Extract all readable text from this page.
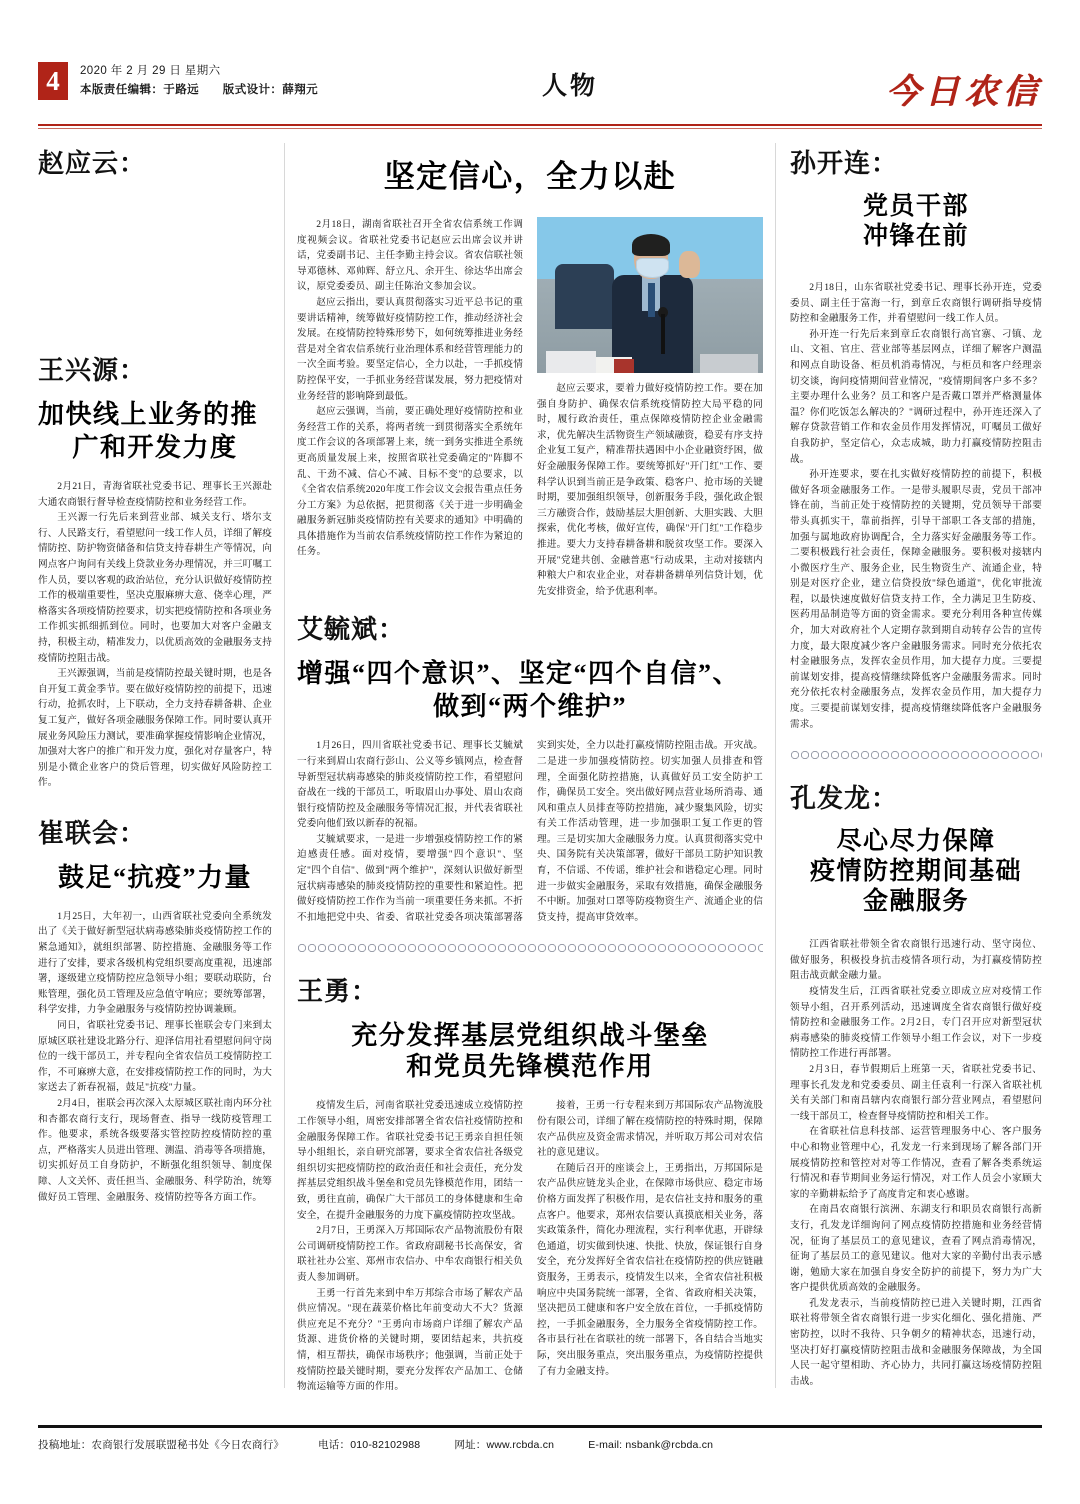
4	2020 年 2 月 29 日 星期六
本版责任编辑：于路远　　版式设计：薛翔元	人物	今日农信
赵应云：
王兴源：
加快线上业务的推
广和开发力度

2月21日，青海省联社党委书记、理事长王兴源赴大通农商银行督导检查疫情防控和业务经营工作。

王兴源一行先后来到营业部、城关支行、塔尔支行、人民路支行，看望慰问一线工作人员，详细了解疫情防控、防护物资储备和信贷支持春耕生产等情况，向网点客户询问有关线上贷款业务办理情况，并三叮嘱工作人员，要以客观的政治站位，充分认识做好疫情防控工作的极端重要性，坚决克服麻痹大意、侥幸心理，严格落实各项疫情防控要求，切实把疫情防控和各项业务工作抓实抓细抓到位。同时，也要加大对客户金融支持，积极主动，精准发力，以优质高效的金融服务支持疫情防控阻击战。

王兴源强调，当前是疫情防控最关键时期，也是各自开复工黄金季节。要在做好疫情防控的前提下，迅速行动，抢抓农时，上下联动，全力支持春耕备耕、企业复工复产，做好各项金融服务保障工作。同时要认真开展业务风险压力测试，要准确掌握疫情影响企业情况，加强对大客户的推广和开发力度，强化对存量客户，特别是小微企业客户的贷后管理，切实做好风险防控工作。

崔联会：
鼓足“抗疫”力量

1月25日，大年初一，山西省联社党委向全系统发出了《关于做好新型冠状病毒感染肺炎疫情防控工作的紧急通知》，就组织部署、防控措施、金融服务等工作进行了安排，要求各级机构党组织要高度重视，迅速部署，逐级建立疫情防控应急领导小组；要联动联防，台账管理，强化员工管理及应急值守响应；要统筹部署，科学安排，力争金融服务与疫情防控协调兼顾。

同日，省联社党委书记、理事长崔联会专门来到太原城区联社建设北路分行、迎泽信用社看望慰问问守岗位的一线干部员工，并专程向全省农信员工疫情防控工作，不可麻痹大意，在安排疫情防控工作的同时，为大家送去了新春祝福，鼓足"抗疫"力量。

2月4日，崔联会再次深入太原城区联社南内环分社和杏都农商行支行，现场督查、指导一线防疫管理工作。他要求，系统各级要落实管控防控疫情防控的重点，严格落实人员进出管理、测温、消毒等各项措施，切实抓好员工自身防护，不断强化组织领导、制度保障、人文关怀、责任担当、金融服务、科学防治，统筹做好员工管理、金融服务、疫情防控等各方面工作。

坚定信心，全力以赴

2月18日，湖南省联社召开全省农信系统工作调度视频会议。省联社党委书记赵应云出席会议并讲话，党委副书记、主任李勤主持会议。省农信联社领导邓德林、邓帅辉、舒立凡、余开生、徐达华出席会议，原党委委员、副主任陈治文参加会议。

赵应云指出，要认真贯彻落实习近平总书记的重要讲话精神，统筹做好疫情防控工作，推动经济社会发展。在疫情防控特殊形势下，如何统筹推进业务经营是对全省农信系统行业治理体系和经营管理能力的一次全面考验。要坚定信心，全力以赴，一手抓疫情防控保平安，一手抓业务经营谋发展，努力把疫情对业务经营的影响降到最低。

赵应云强调，当前，要正确处理好疫情防控和业务经营工作的关系，将两者统一到贯彻落实全系统年度工作会议的各项部署上来，统一到务实推进全系统更高质量发展上来，按照省联社党委确定的"阵脚不乱、干劲不减、信心不减、目标不变"的总要求，以《全省农信系统2020年度工作会议文会报告重点任务分工方案》为总依据，把贯彻落《关于进一步明确金融服务新冠肺炎疫情防控有关要求的通知》中明确的具体措施作为当前农信系统疫情防控工作作为紧迫的任务。

赵应云要求，要着力做好疫情防控工作。要在加强自身防护、确保农信系统疫情防控大局平稳的同时，履行政治责任，重点保障疫情防控企业金融需求，优先解决生活物资生产领域融资，稳妥有序支持企业复工复产，精准帮扶遇困中小企业融资纾困，做好金融服务保障工作。要统筹抓好"开门红"工作、要科学认识到当前正是争政策、稳客户、抢市场的关键时期，要加强组织领导，创新服务手段，强化政企银三方融资合作，鼓励基层大胆创新、大胆实践、大胆探索，优化考核，做好宣传，确保"开门红"工作稳步推进。要大力支持春耕备耕和脱贫攻坚工作。要深入开展"党建共创、金融普惠"行动成果，主动对接辖内种粮大户和农业企业，对春耕备耕单列信贷计划，优先安排资金，给予优惠利率。

艾毓斌：
增强“四个意识”、坚定“四个自信”、
做到“两个维护”

1月26日，四川省联社党委书记、理事长艾毓斌一行来到眉山农商行彭山、公义等乡镇网点，检查督导新型冠状病毒感染的肺炎疫情防控工作，看望慰问奋战在一线的干部员工，听取眉山办事处、眉山农商银行疫情防控及金融服务等情况汇报，并代表省联社党委向他们致以新春的祝福。

艾毓斌要求，一是进一步增强疫情防控工作的紧迫感责任感。面对疫情，要增强"四个意识"、坚定"四个自信"、做到"两个维护"，深刻认识做好新型冠状病毒感染的肺炎疫情防控的重要性和紧迫性。把做好疫情防控工作作为当前一项重要任务来抓。不折不扣地把党中央、省委、省联社党委各项决策部署落实到实处，全力以赴打赢疫情防控阻击战。开灾战。二是进一步加强疫情防控。切实加强人员排查和管理，全面强化防控措施，认真做好员工安全防护工作，确保员工安全。突出做好网点营业场所消毒、通风和重点人员排查等防控措施，减少聚集风险，切实有关工作活动管理，进一步加强职工复工作更的管理。三是切实加大金融服务力度。认真贯彻落实党中央、国务院有关决策部署，做好干部员工防护知识教育，不信谣、不传谣，维护社会和谐稳定心理。同时进一步做实金融服务，采取有效措施，确保金融服务不中断。加强对口罩等防疫物资生产、流通企业的信贷支持，提高审贷效率。

王勇：
充分发挥基层党组织战斗堡垒
和党员先锋模范作用

疫情发生后，河南省联社党委迅速成立疫情防控工作领导小组，周密安排部署全省农信社疫情防控和金融服务保障工作。省联社党委书记王勇亲自担任领导小组组长，亲自研究部署，要求全省农信社各级党组织切实把疫情防控的政治责任和社会责任，充分发挥基层党组织战斗堡垒和党员先锋模范作用，团结一致，勇往直前，确保广大干部员工的身体健康和生命安全，在提升金融服务的力度下赢疫情防控攻坚战。

2月7日，王勇深入万邦国际农产品物流股份有限公司调研疫情防控工作。省政府副秘书长高保安，省联社社办公室、郑州市农信办、中牟农商银行相关负责人参加调研。

王勇一行首先来到中牟万邦综合市场了解农产品供应情况。"现在蔬菜价格比年前变动大不大？货源供应充足不充分？"王勇向市场商户详细了解农产品货源、进货价格的关键时期，要团结起来，共抗疫情，相互帮扶，确保市场秩序；他强调，当前正处于疫情防控最关键时期，要充分发挥农产品加工、仓储物流运输等方面的作用。

接着，王勇一行专程来到万邦国际农产品物流股份有限公司，详细了解在疫情防控的特殊时期，保障农产品供应及资金需求情况，并听取万邦公司对农信社的意见建议。

在随后召开的座谈会上，王勇指出，万邦国际是农产品供应链龙头企业，在保障市场供应、稳定市场价格方面发挥了积极作用，是农信社支持和服务的重点客户。他要求，郑州农信要认真摸底相关业务，落实政策条件，简化办理流程，实行利率优惠，开辟绿色通道，切实做到快速、快批、快放，保证银行自身安全，充分发挥好全省农信社在疫情防控的供应链融资服务，王勇表示，疫情发生以来，全省农信社积极响应中央国务院统一部署，全省、省政府相关决策，坚决把员工健康和客户安全放在首位，一手抓疫情防控，一手抓金融服务，全力服务全省疫情防控工作。各市县行社在省联社的统一部署下，各自结合当地实际，突出服务重点，突出服务重点，为疫情防控提供了有力金融支持。

孙开连：
党员干部
冲锋在前

2月18日，山东省联社党委书记、理事长孙开连，党委委员、副主任于富海一行，到章丘农商银行调研指导疫情防控和金融服务工作，并看望慰问一线工作人员。

孙开连一行先后来到章丘农商银行高官寨、刁镇、龙山、文祖、官庄、营业部等基层网点，详细了解客户测温和网点自助设备、柜员机消毒情况，与柜员和客户经理亲切交谈，询问疫情期间营业情况，"疫情期间客户多不多？主要办理什么业务？员工和客户是否戴口罩并严格测量体温？你们吃饭怎么解决的？"调研过程中，孙开连还深入了解存贷款营销工作和农金员作用发挥情况，叮嘱员工做好自我防护，坚定信心，众志成城，助力打赢疫情防控阻击战。

孙开连要求，要在扎实做好疫情防控的前提下，积极做好各项金融服务工作。一是带头履职尽责，党员干部冲锋在前，当前正处于疫情防控的关键期，党员领导干部要带头真抓实干，靠前指挥，引导干部职工各支部的措施，加强与属地政府协调配合，全力落实好金融服务等工作。二要积极践行社会责任，保障金融服务。要积极对接辖内小微医疗生产、服务企业，民生物资生产、流通企业，特别是对医疗企业，建立信贷投放"绿色通道"，优化审批流程，以最快速度做好信贷支持工作，全力满足卫生防疫、医药用品制造等方面的资金需求。要充分利用各种宣传媒介，加大对政府社个人定期存款到期自动转存公告的宣传力度，最大限度减少客户金融服务需求。同时充分依托农村金融服务点，发挥农金员作用，加大提存力度。三要提前谋划安排，提高疫情继续降低客户金融服务需求。同时充分依托农村金融服务点，发挥农金员作用，加大提存力度。三要提前谋划安排，提高疫情继续降低客户金融服务需求。

孔发龙：
尽心尽力保障
疫情防控期间基础
金融服务

江西省联社带领全省农商银行迅速行动、坚守岗位、做好服务，积极投身抗击疫情各项行动，为打赢疫情防控阻击战贡献金融力量。

疫情发生后，江西省联社党委立即成立应对疫情工作领导小组，召开系列活动，迅速调度全省农商银行做好疫情防控和金融服务工作。2月2日，专门召开应对新型冠状病毒感染的肺炎疫情工作领导小组工作会议，对下一步疫情防控工作进行再部署。

2月3日，春节假期后上班第一天，省联社党委书记、理事长孔发龙和党委委员、副主任袁利一行深入省联社机关有关部门和南昌辖内农商银行部分营业网点，看望慰问一线干部员工，检查督导疫情防控和相关工作。

在省联社信息科技部、运营管理服务中心、客户服务中心和物业管理中心，孔发龙一行来到现场了解各部门开展疫情防控和管控对对等工作情况，查看了解各类系统运行情况和春节期间业务运行情况，对工作人员会小家顾大家的辛勤耕耘给予了高度肯定和衷心感谢。

在南昌农商银行滨洲、东湖支行和职员农商银行高新支行，孔发龙详细询问了网点疫情防控措施和业务经营情况，征询了基层员工的意见建议，查看了网点消毒情况，征询了基层员工的意见建议。他对大家的辛勤付出表示感谢，勉励大家在加强自身安全防护的前提下，努力为广大客户提供优质高效的金融服务。

孔发龙表示，当前疫情防控已进入关键时期，江西省联社将带领全省农商银行进一步实化细化、强化措施、严密防控，以时不我待、只争朝夕的精神状态，迅速行动，坚决打好打赢疫情防控阻击战和金融服务保障战，为全国人民一起守望相助、齐心协力，共同打赢这场疫情防控阻击战。

投稿地址：农商银行发展联盟秘书处《今日农商行》	电话：010-82102988	网址：www.rcbda.cn	E-mail: nsbank@rcbda.cn
